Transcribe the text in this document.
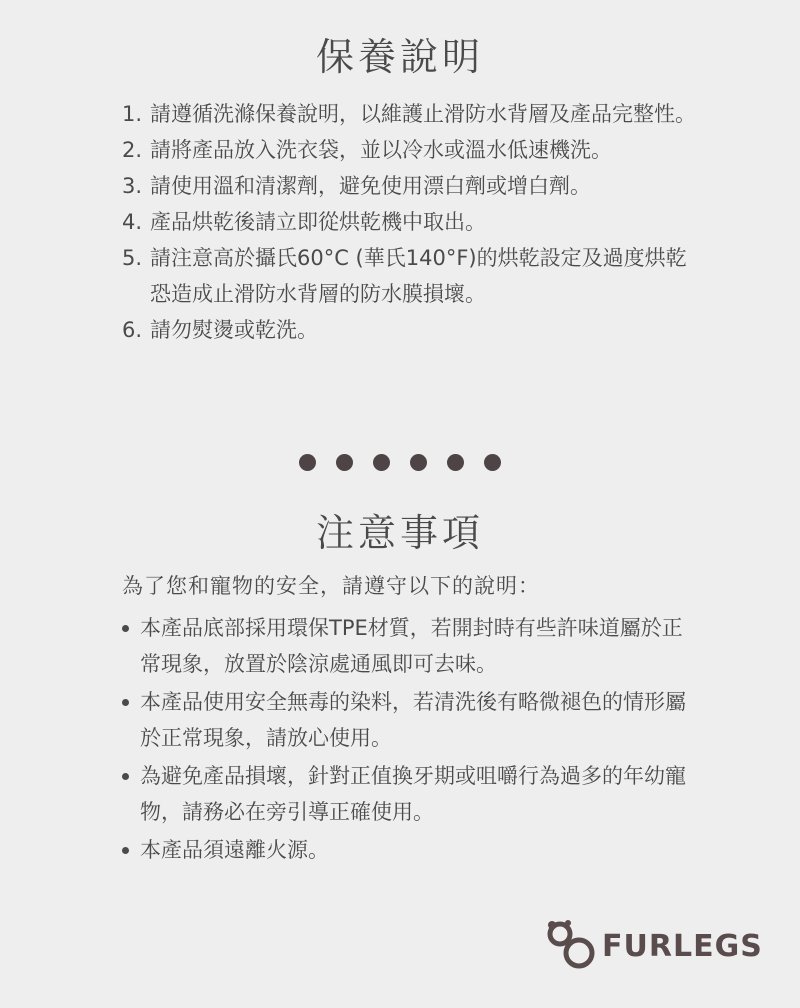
保養說明
1. 請遵循洗滌保養說明，以維護止滑防水背層及產品完整性。
2. 請將產品放入洗衣袋，並以冷水或溫水低速機洗。
3. 請使用溫和清潔劑，避免使用漂白劑或增白劑。
4. 產品烘乾後請立即從烘乾機中取出。
5. 請注意高於攝氏60°C (華氏140°F)的烘乾設定及過度烘乾恐造成止滑防水背層的防水膜損壞。
6. 請勿熨燙或乾洗。
注意事項

為了您和寵物的安全，請遵守以下的說明：

本產品底部採用環保TPE材質，若開封時有些許味道屬於正常現象，放置於陰涼處通風即可去味。
本產品使用安全無毒的染料，若清洗後有略微褪色的情形屬於正常現象，請放心使用。
為避免產品損壞，針對正值換牙期或咀嚼行為過多的年幼寵物，請務必在旁引導正確使用。
本產品須遠離火源。
FURLEGS
